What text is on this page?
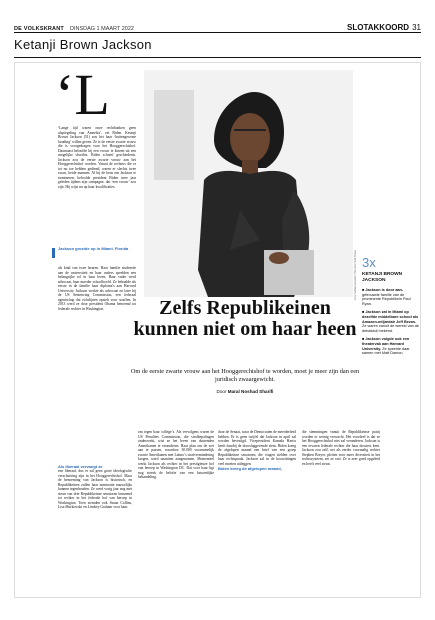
DE VOLKSKRANT DINSDAG 1 MAART 2022	SLOTAKKOORD 31
Ketanji Brown Jackson
‘L

‘Lange tijd waren onze rechtbanken geen afspiegeling van Amerika’, zei Biden. Ketanji Brown Jackson (51) zou het haar ‘buitengewone houding’ willen geven. Ze is de eerste zwarte vrouw die is voorgedragen voor het Hooggerechtshof. Daarnaast beloofde hij een vrouw te kiezen uit een mogelijke shortlist. Biden schreef geschiedenis. Jackson zou de eerste zwarte vrouw aan het Hooggerechtshof worden. Vanuit de rechters die er tot nu toe hebben gediend, waren er slechts twee zwart, beide mannen. Al bij de keus om Jackson te nomineren, beloofde president Biden twee jaar geleden tijdens zijn campagne, dat ‘een vrouw’ zou zijn. Hij wijst nu op haar kwalificaties.

Foto Nathan Howard / The New York Times
Jackson groeide op in Miami, Florida

als kind van twee leraren. Haar familie studeerde aan de universiteit en haar ouders speelden een belangrijke rol in haar leven. Haar vader werd advocaat, haar moeder schoolhoofd. Ze behaalde als eerste in de familie haar diploma's aan Harvard University. Jackson werkte als advocaat en later bij de US Sentencing Commission, een federaal agentschap dat richtlijnen opstelt voor straffen. In 2013 werd ze door president Obama benoemd tot federale rechter in Washington.

3x
KETANJI BROWN JACKSON

■ Jackson is door aan- getrouwde familie van de prominente Republikein Paul Ryan.

■ Jackson zat in Miami op dezelfde middelbare school als Amazon-miljardair Jeff Bezos. Ze waren vanuit de wereld van de debatclub bekend.

■ Jackson volgde ook een theatervak aan Harvard University. Ze speelde daar samen met Matt Damon.

Zelfs Republikeinen kunnen niet om haar heen
Om de eerste zwarte vrouw aan het Hooggerechtshof te worden, moet je meer zijn dan een juridisch zwaargewicht.
Door Maral Noshad Sharifi

Als liberaal vervangt ze

een liberaal, dus er zal geen grote ideologische verschuiving zijn in het Hooggerechtshof. Maar de benoeming van Jackson is historisch, en Republikeinen zullen haar nominatie nauwelijks kunnen tegenhouden. Ze werd vorig jaar nog met steun van drie Republikeinse senatoren benoemd tot rechter in het federale hof van beroep in Washington. Toen stemden ook Susan Collins, Lisa Murkowski en Lindsey Graham voor haar.

om tegen haar college’s. Als vervolgens waren de US Penalties Commission, die strafbepalingen onderzoekt, wist ze het leven van duizenden Amerikanen te veranderen. Haar plan om de wet aan te passen, waardoor 30.000 voornamelijk zwarte Amerikanen met Latino’s strafvermindering kregen, werd unaniem aangenomen. Momenteel werkt Jackson als rechter in het prestigieuze hof van beroep in Washington DC. Dat voor haar ligt nog steeds de belofte van een fatsoenlijke behandeling.

door de Senaat, waar de Democraten de meerderheid hebben. Er is geen twijfel dat Jackson in april zal worden bevestigd. Vicepresident Kamala Harris heeft daarbij de doorslaggevende stem. Biden kreeg de afgelopen maand een brief van een groep Republikeinse senatoren, die vragen stelden over haar rechtspraak. Jackson zal in de hoorzittingen veel moeten uitleggen.

Biden kreeg de afgelopen maand,

die stemmingen vanuit de Republikeinse partij worden er weinig verwacht. Het voordeel is dat ze het Hooggerechtshof niet zal veranderen. Jackson is een ervaren federale rechter die haar dossiers kent. Jackson zou zelf, net als eerder voormalig rechter Stephen Breyer, pleiten voor meer diversiteit in het rechtssysteem, zei ze ooit. Ze is zeer goed opgeleid en heeft veel steun.
